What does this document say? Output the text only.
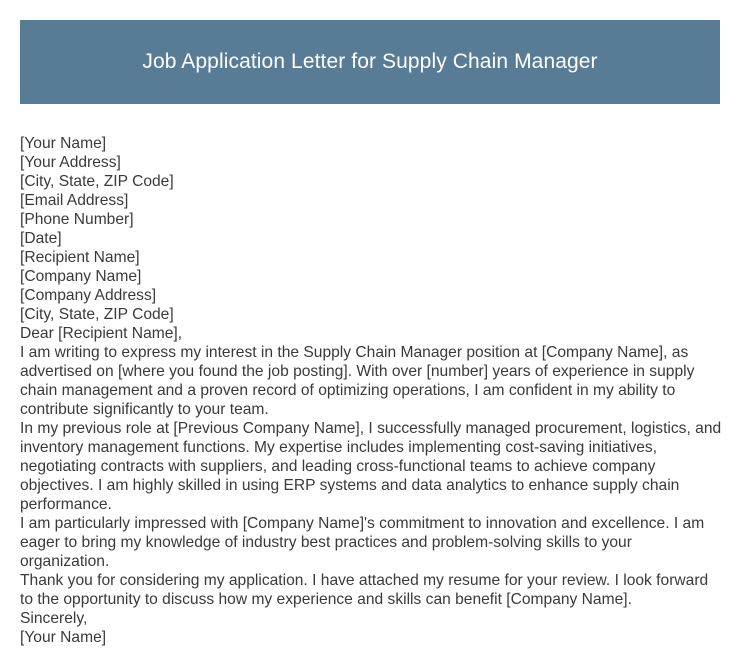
Job Application Letter for Supply Chain Manager
[Your Name]
[Your Address]
[City, State, ZIP Code]
[Email Address]
[Phone Number]
[Date]
[Recipient Name]
[Company Name]
[Company Address]
[City, State, ZIP Code]
Dear [Recipient Name],

I am writing to express my interest in the Supply Chain Manager position at [Company Name], as advertised on [where you found the job posting]. With over [number] years of experience in supply chain management and a proven record of optimizing operations, I am confident in my ability to contribute significantly to your team.

In my previous role at [Previous Company Name], I successfully managed procurement, logistics, and inventory management functions. My expertise includes implementing cost-saving initiatives, negotiating contracts with suppliers, and leading cross-functional teams to achieve company objectives. I am highly skilled in using ERP systems and data analytics to enhance supply chain performance.

I am particularly impressed with [Company Name]'s commitment to innovation and excellence. I am eager to bring my knowledge of industry best practices and problem-solving skills to your organization.

Thank you for considering my application. I have attached my resume for your review. I look forward to the opportunity to discuss how my experience and skills can benefit [Company Name].

Sincerely,
[Your Name]
